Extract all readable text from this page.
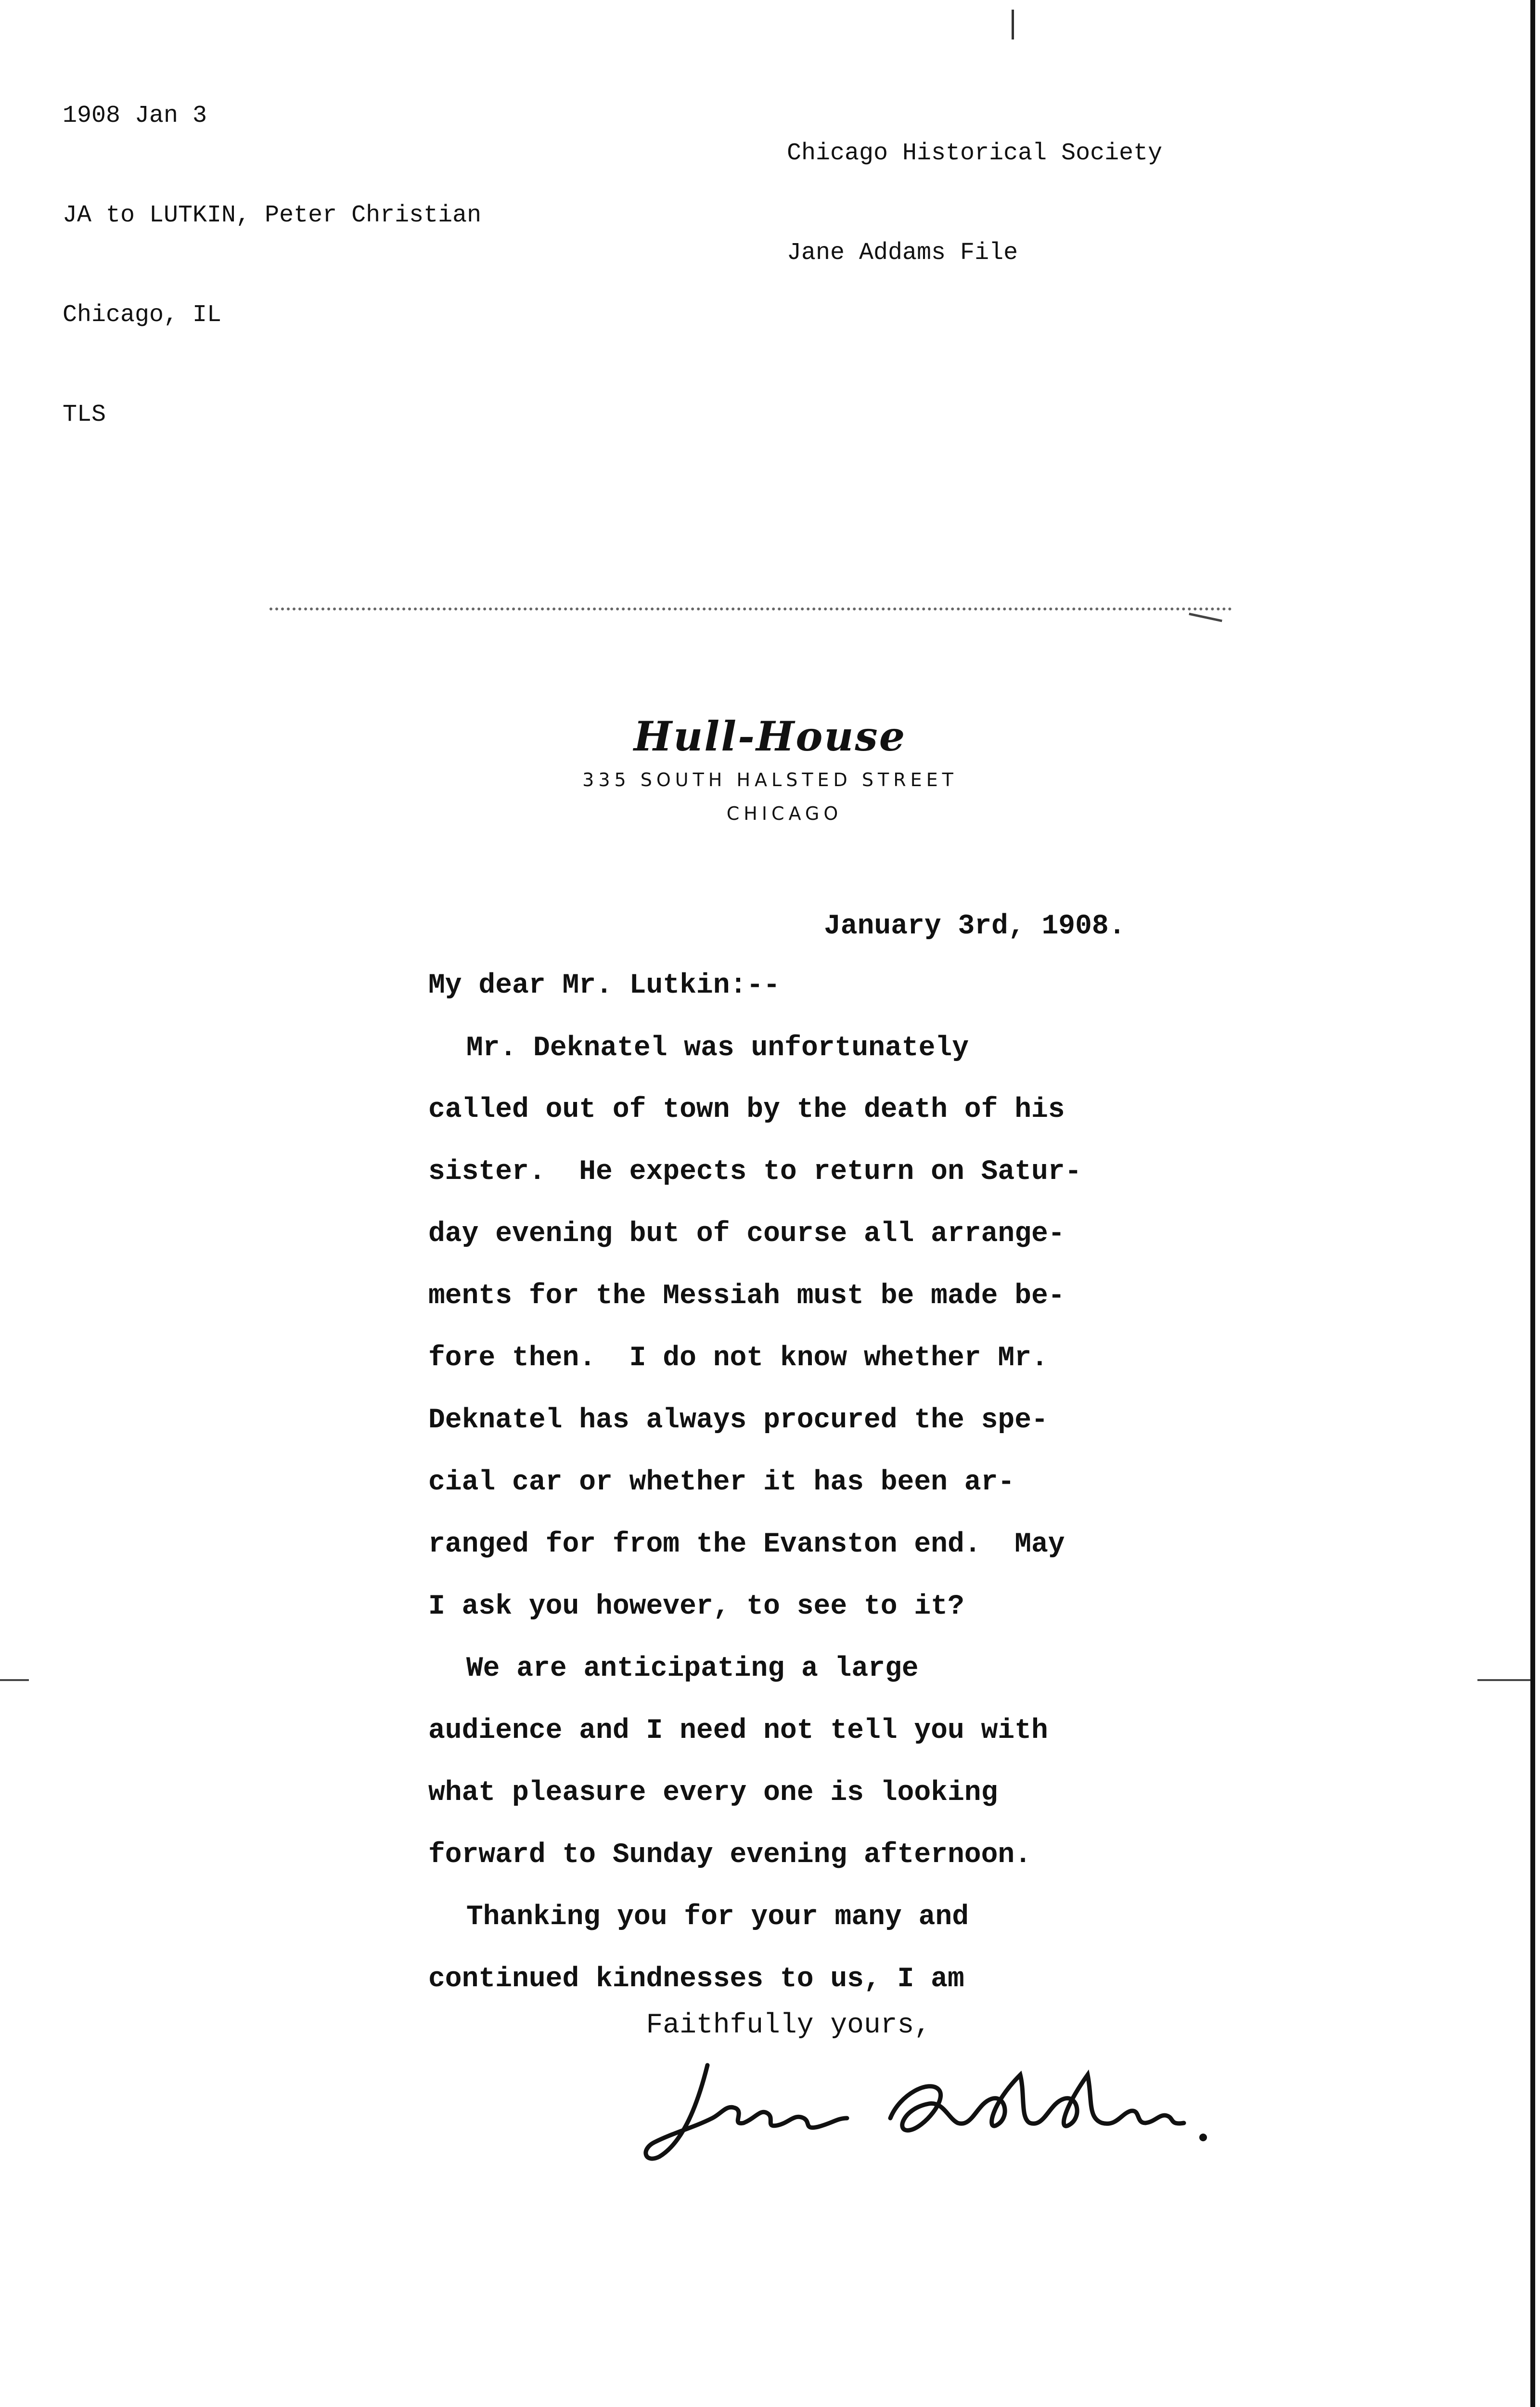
1908 Jan 3

JA to LUTKIN, Peter Christian

Chicago, IL

TLS

Chicago Historical Society

Jane Addams File

Hull-House
335 SOUTH HALSTED STREET
CHICAGO
January 3rd, 1908.
My dear Mr. Lutkin:--
Mr. Deknatel was unfortunately
called out of town by the death of his
sister.  He expects to return on Satur-
day evening but of course all arrange-
ments for the Messiah must be made be-
fore then.  I do not know whether Mr.
Deknatel has always procured the spe-
cial car or whether it has been ar-
ranged for from the Evanston end.  May
I ask you however, to see to it?
We are anticipating a large
audience and I need not tell you with
what pleasure every one is looking
forward to Sunday evening afternoon.
Thanking you for your many and
continued kindnesses to us, I am
Faithfully yours,
